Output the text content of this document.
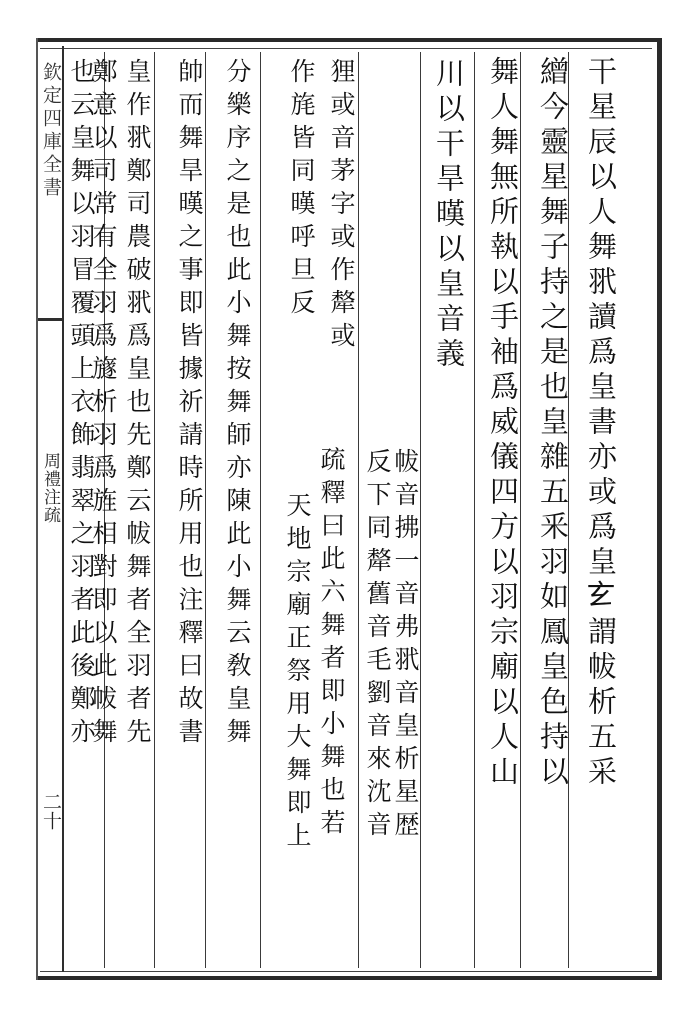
欽定四庫全書
周禮注疏
二十
干星辰以人舞𦏵讀爲皇書亦或爲皇𤣥謂帗析五采
繒今靈星舞子持之是也皇雜五釆羽如鳳皇色持以
舞人舞無所執以手袖爲威儀四方以羽宗廟以人山
川以干旱暵以皇音義
帗音拂一音弗𦏵音皇析星歴
反下同犛舊音毛劉音來沈音
狸或音茅字或作犛或
疏釋曰此六舞者即小舞也若
作旄皆同暵呼旦反
天地宗廟正祭用大舞即上
分樂序之是也此小舞按舞師亦陳此小舞云敎皇舞
帥而舞旱暵之事即皆據祈請時所用也注釋曰故書
皇作𦏵鄭司農破𦏵爲皇也先鄭云帗舞者全羽者先
鄭意以司常有全羽爲旞析羽爲旌相對即以此帗舞
也云皇舞以羽冒覆頭上衣飾翡翠之羽者此後鄭亦
